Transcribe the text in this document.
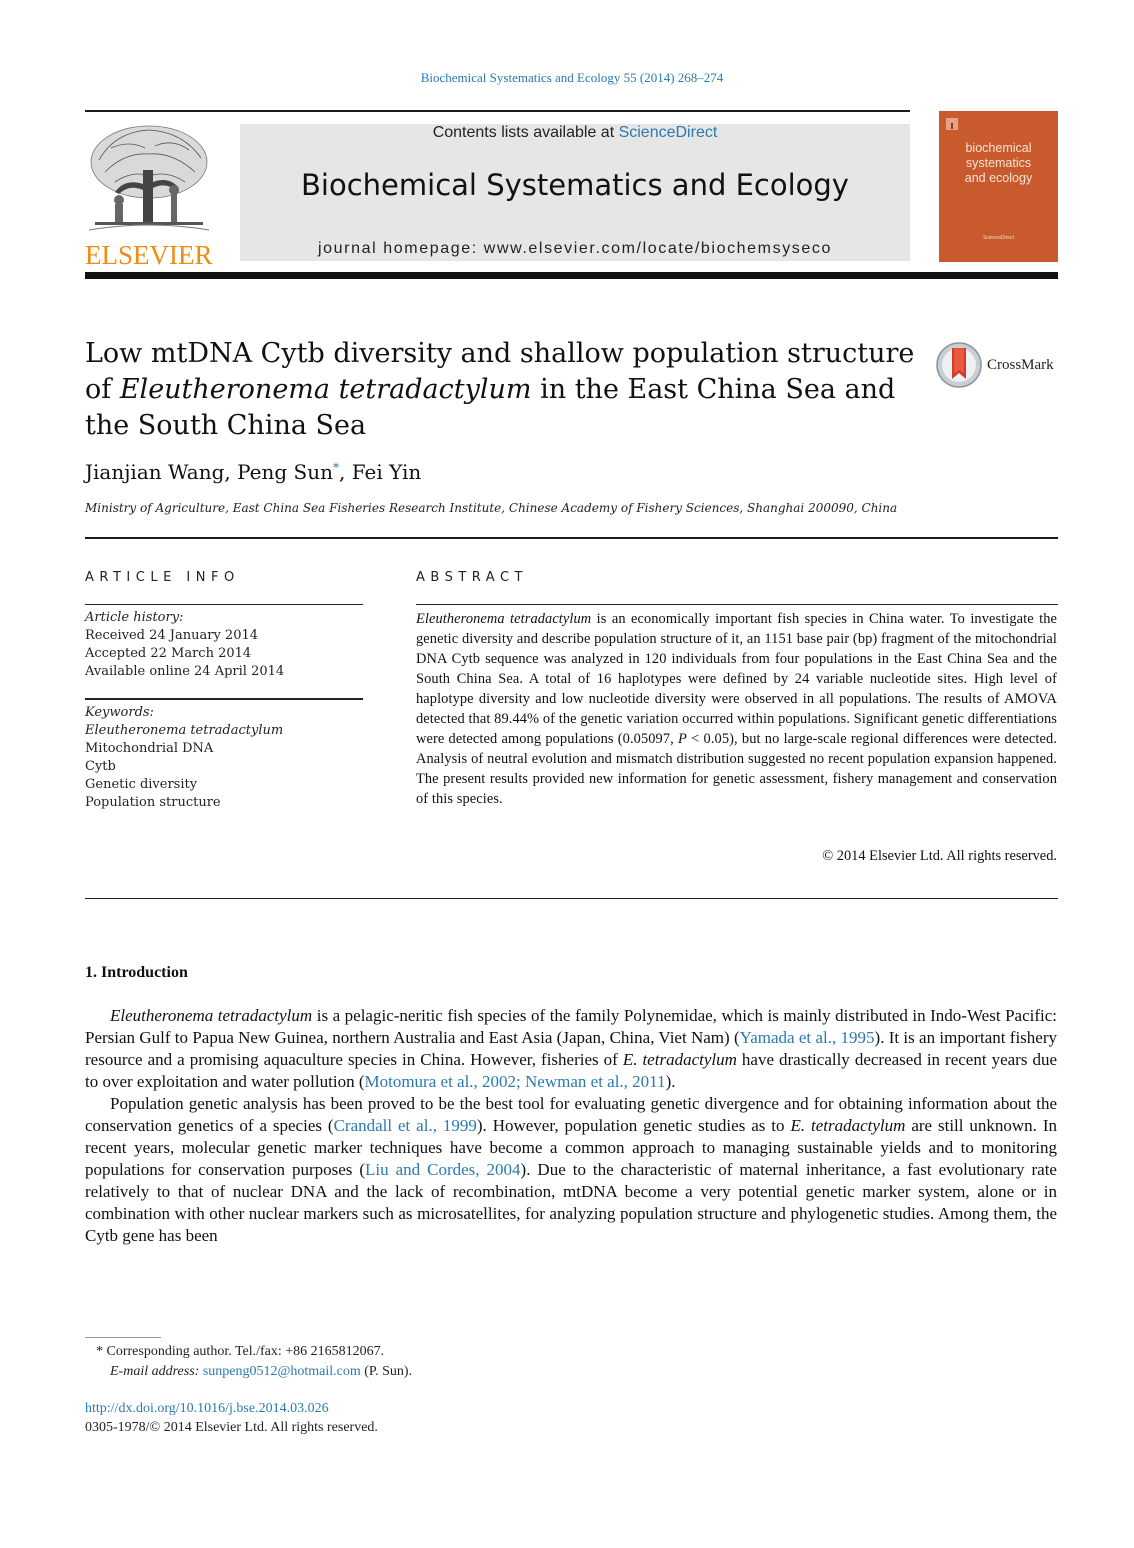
Biochemical Systematics and Ecology 55 (2014) 268–274
ELSEVIER
Contents lists available at ScienceDirect
Biochemical Systematics and Ecology
journal homepage: www.elsevier.com/locate/biochemsyseco
biochemical
systematics
and ecology
ScienceDirect
Low mtDNA Cytb diversity and shallow population structure of Eleutheronema tetradactylum in the East China Sea and the South China Sea
CrossMark
Jianjian Wang, Peng Sun*, Fei Yin
Ministry of Agriculture, East China Sea Fisheries Research Institute, Chinese Academy of Fishery Sciences, Shanghai 200090, China
ARTICLE INFO
Article history:
Received 24 January 2014
Accepted 22 March 2014
Available online 24 April 2014
Keywords:
Eleutheronema tetradactylum
Mitochondrial DNA
Cytb
Genetic diversity
Population structure
ABSTRACT
Eleutheronema tetradactylum is an economically important fish species in China water. To investigate the genetic diversity and describe population structure of it, an 1151 base pair (bp) fragment of the mitochondrial DNA Cytb sequence was analyzed in 120 individuals from four populations in the East China Sea and the South China Sea. A total of 16 haplotypes were defined by 24 variable nucleotide sites. High level of haplotype diversity and low nucleotide diversity were observed in all populations. The results of AMOVA detected that 89.44% of the genetic variation occurred within populations. Significant genetic differentiations were detected among populations (0.05097, P < 0.05), but no large-scale regional differences were detected. Analysis of neutral evolution and mismatch distribution suggested no recent population expansion happened. The present results provided new information for genetic assessment, fishery management and conservation of this species.
© 2014 Elsevier Ltd. All rights reserved.
1. Introduction

Eleutheronema tetradactylum is a pelagic-neritic fish species of the family Polynemidae, which is mainly distributed in Indo-West Pacific: Persian Gulf to Papua New Guinea, northern Australia and East Asia (Japan, China, Viet Nam) (Yamada et al., 1995). It is an important fishery resource and a promising aquaculture species in China. However, fisheries of E. tetradactylum have drastically decreased in recent years due to over exploitation and water pollution (Motomura et al., 2002; Newman et al., 2011).

Population genetic analysis has been proved to be the best tool for evaluating genetic divergence and for obtaining information about the conservation genetics of a species (Crandall et al., 1999). However, population genetic studies as to E. tetradactylum are still unknown. In recent years, molecular genetic marker techniques have become a common approach to managing sustainable yields and to monitoring populations for conservation purposes (Liu and Cordes, 2004). Due to the characteristic of maternal inheritance, a fast evolutionary rate relatively to that of nuclear DNA and the lack of recombination, mtDNA become a very potential genetic marker system, alone or in combination with other nuclear markers such as microsatellites, for analyzing population structure and phylogenetic studies. Among them, the Cytb gene has been

* Corresponding author. Tel./fax: +86 2165812067.
E-mail address: sunpeng0512@hotmail.com (P. Sun).
http://dx.doi.org/10.1016/j.bse.2014.03.026
0305-1978/© 2014 Elsevier Ltd. All rights reserved.
